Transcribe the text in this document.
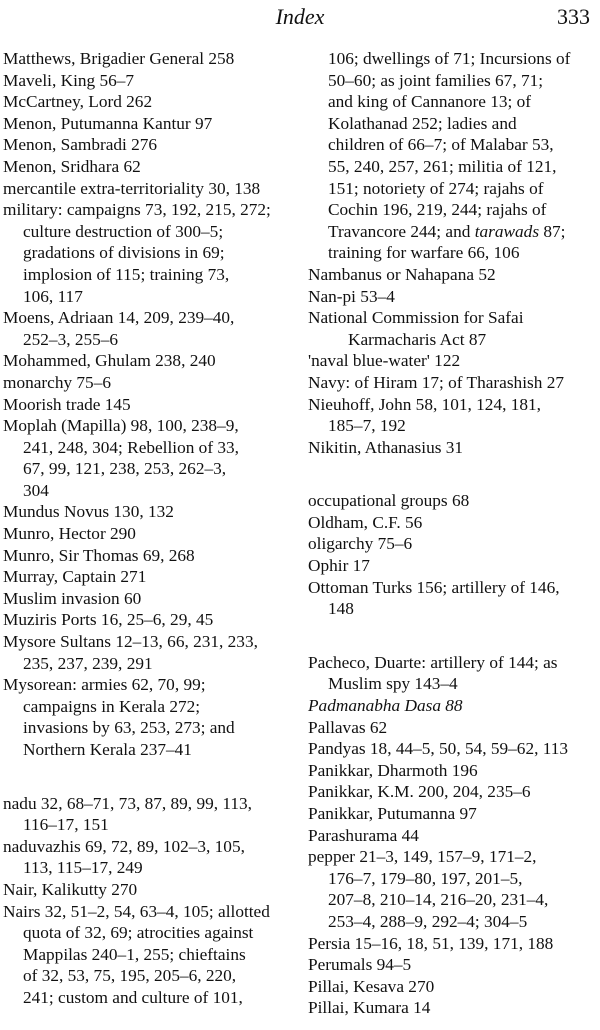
Index	333
Matthews, Brigadier General 258
Maveli, King 56–7
McCartney, Lord 262
Menon, Putumanna Kantur 97
Menon, Sambradi 276
Menon, Sridhara 62
mercantile extra-territoriality 30, 138
military: campaigns 73, 192, 215, 272;
culture destruction of 300–5;
gradations of divisions in 69;
implosion of 115; training 73,
106, 117
Moens, Adriaan 14, 209, 239–40,
252–3, 255–6
Mohammed, Ghulam 238, 240
monarchy 75–6
Moorish trade 145
Moplah (Mapilla) 98, 100, 238–9,
241, 248, 304; Rebellion of 33,
67, 99, 121, 238, 253, 262–3,
304
Mundus Novus 130, 132
Munro, Hector 290
Munro, Sir Thomas 69, 268
Murray, Captain 271
Muslim invasion 60
Muziris Ports 16, 25–6, 29, 45
Mysore Sultans 12–13, 66, 231, 233,
235, 237, 239, 291
Mysorean: armies 62, 70, 99;
campaigns in Kerala 272;
invasions by 63, 253, 273; and
Northern Kerala 237–41
nadu 32, 68–71, 73, 87, 89, 99, 113,
116–17, 151
naduvazhis 69, 72, 89, 102–3, 105,
113, 115–17, 249
Nair, Kalikutty 270
Nairs 32, 51–2, 54, 63–4, 105; allotted
quota of 32, 69; atrocities against
Mappilas 240–1, 255; chieftains
of 32, 53, 75, 195, 205–6, 220,
241; custom and culture of 101,
106; dwellings of 71; Incursions of
50–60; as joint families 67, 71;
and king of Cannanore 13; of
Kolathanad 252; ladies and
children of 66–7; of Malabar 53,
55, 240, 257, 261; militia of 121,
151; notoriety of 274; rajahs of
Cochin 196, 219, 244; rajahs of
Travancore 244; and tarawads 87;
training for warfare 66, 106
Nambanus or Nahapana 52
Nan-pi 53–4
National Commission for Safai
Karmacharis Act 87
'naval blue-water' 122
Navy: of Hiram 17; of Tharashish 27
Nieuhoff, John 58, 101, 124, 181,
185–7, 192
Nikitin, Athanasius 31
occupational groups 68
Oldham, C.F. 56
oligarchy 75–6
Ophir 17
Ottoman Turks 156; artillery of 146,
148
Pacheco, Duarte: artillery of 144; as
Muslim spy 143–4
Padmanabha Dasa 88
Pallavas 62
Pandyas 18, 44–5, 50, 54, 59–62, 113
Panikkar, Dharmoth 196
Panikkar, K.M. 200, 204, 235–6
Panikkar, Putumanna 97
Parashurama 44
pepper 21–3, 149, 157–9, 171–2,
176–7, 179–80, 197, 201–5,
207–8, 210–14, 216–20, 231–4,
253–4, 288–9, 292–4; 304–5
Persia 15–16, 18, 51, 139, 171, 188
Perumals 94–5
Pillai, Kesava 270
Pillai, Kumara 14
